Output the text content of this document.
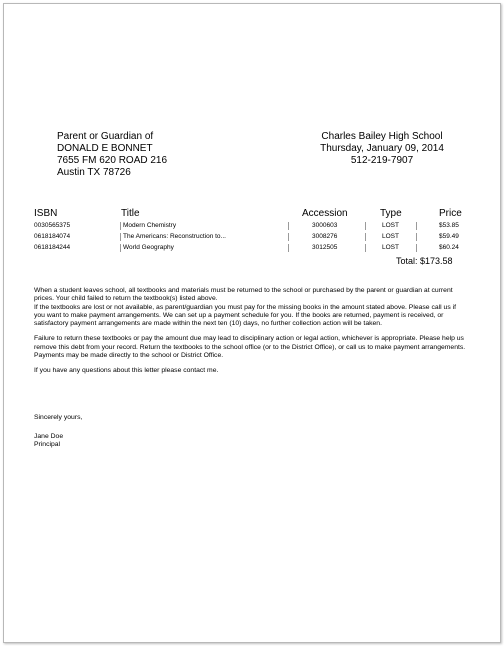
Parent or Guardian of
DONALD E BONNET
7655 FM 620 ROAD 216
Austin TX 78726
Charles Bailey High School
Thursday, January 09, 2014
512-219-7907
ISBN	Title	Accession	Type	Price
0030565375	Modern Chemistry	3000603	LOST	$53.85
0618184074	The Americans: Reconstruction to...	3008276	LOST	$59.49
0618184244	World Geography	3012505	LOST	$60.24
Total: $173.58

When a student leaves school, all textbooks and materials must be returned to the school or purchased by the parent or guardian at current prices. Your child failed to return the textbook(s) listed above.

If the textbooks are lost or not available, as parent/guardian you must pay for the missing books in the amount stated above. Please call us if you want to make payment arrangements. We can set up a payment schedule for you. If the books are returned, payment is received, or satisfactory payment arrangements are made within the next ten (10) days, no further collection action will be taken.

Failure to return these textbooks or pay the amount due may lead to disciplinary action or legal action, whichever is appropriate. Please help us remove this debt from your record. Return the textbooks to the school office (or to the District Office), or call us to make payment arrangements. Payments may be made directly to the school or District Office.

If you have any questions about this letter please contact me.

Sincerely yours,
Jane Doe
Principal
